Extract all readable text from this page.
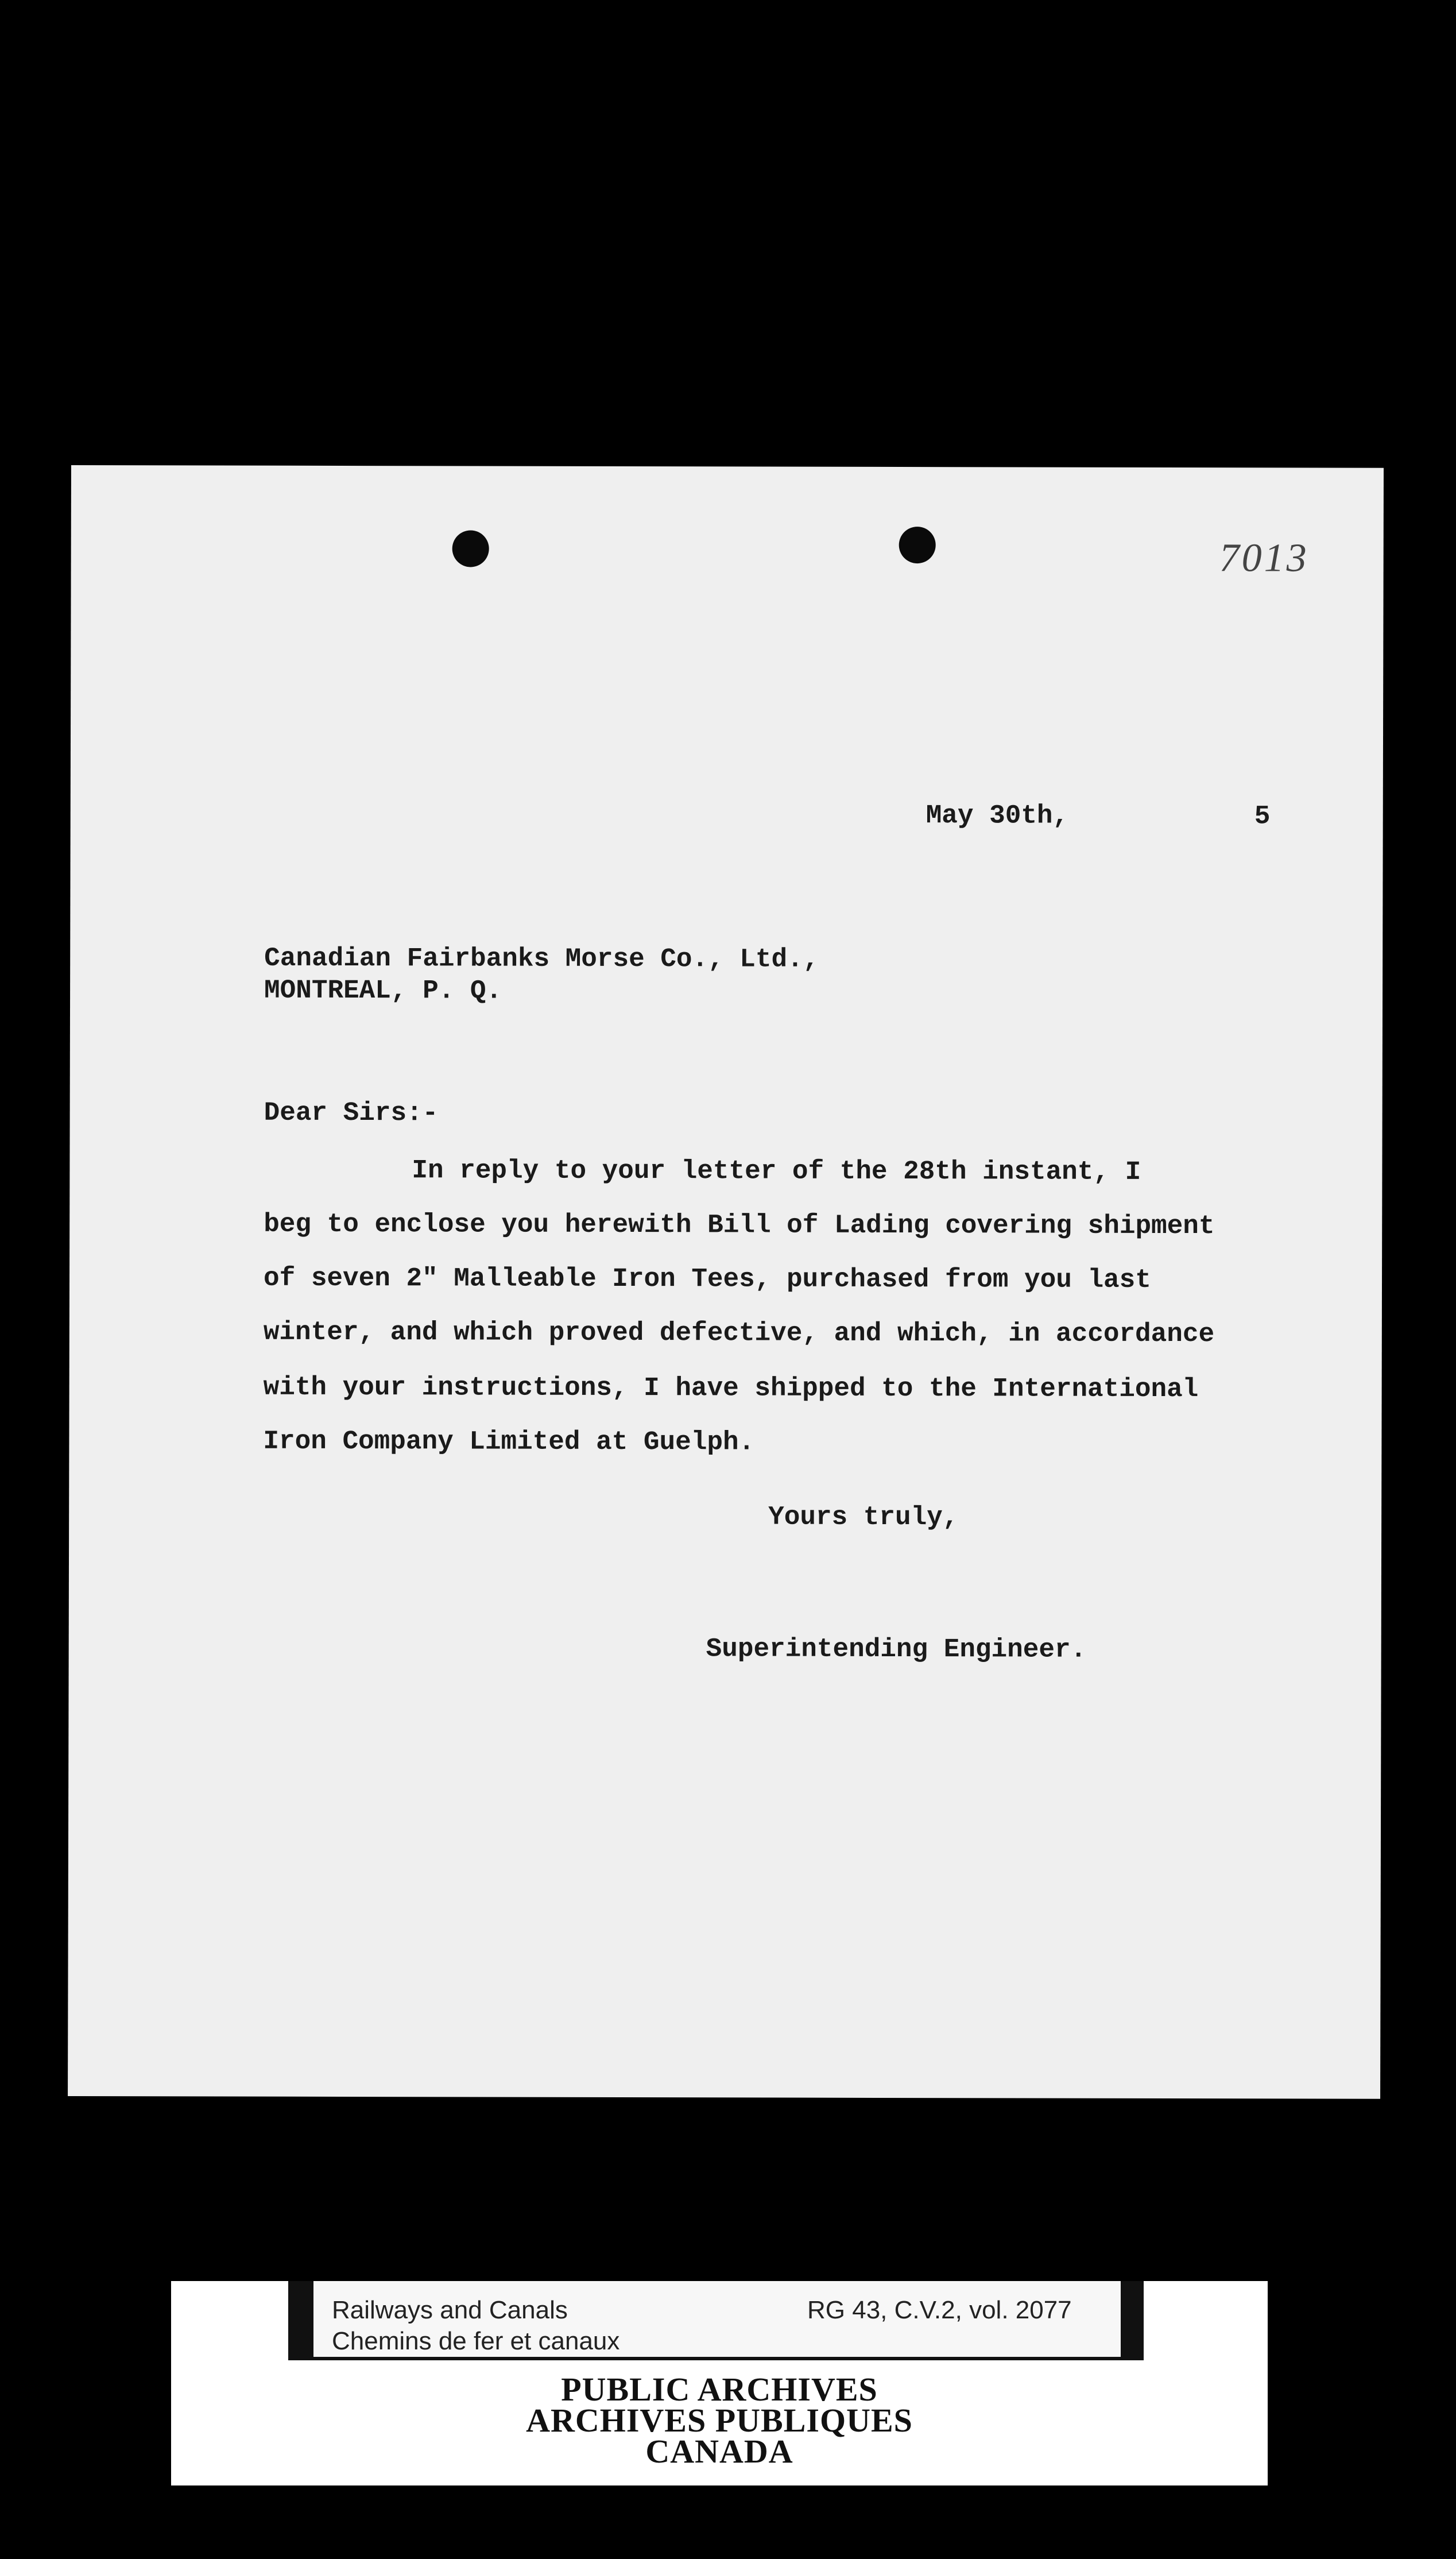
7013
May 30th,	5
Canadian Fairbanks Morse Co., Ltd.,
MONTREAL, P. Q.
Dear Sirs:-
In reply to your letter of the 28th instant, I
beg to enclose you herewith Bill of Lading covering shipment
of seven 2" Malleable Iron Tees, purchased from you last
winter, and which proved defective, and which, in accordance
with your instructions, I have shipped to the International
Iron Company Limited at Guelph.
Yours truly,
Superintending Engineer.
Railways and Canals
Chemins de fer et canaux
RG 43, C.V.2, vol. 2077
PUBLIC ARCHIVES
ARCHIVES PUBLIQUES
CANADA
